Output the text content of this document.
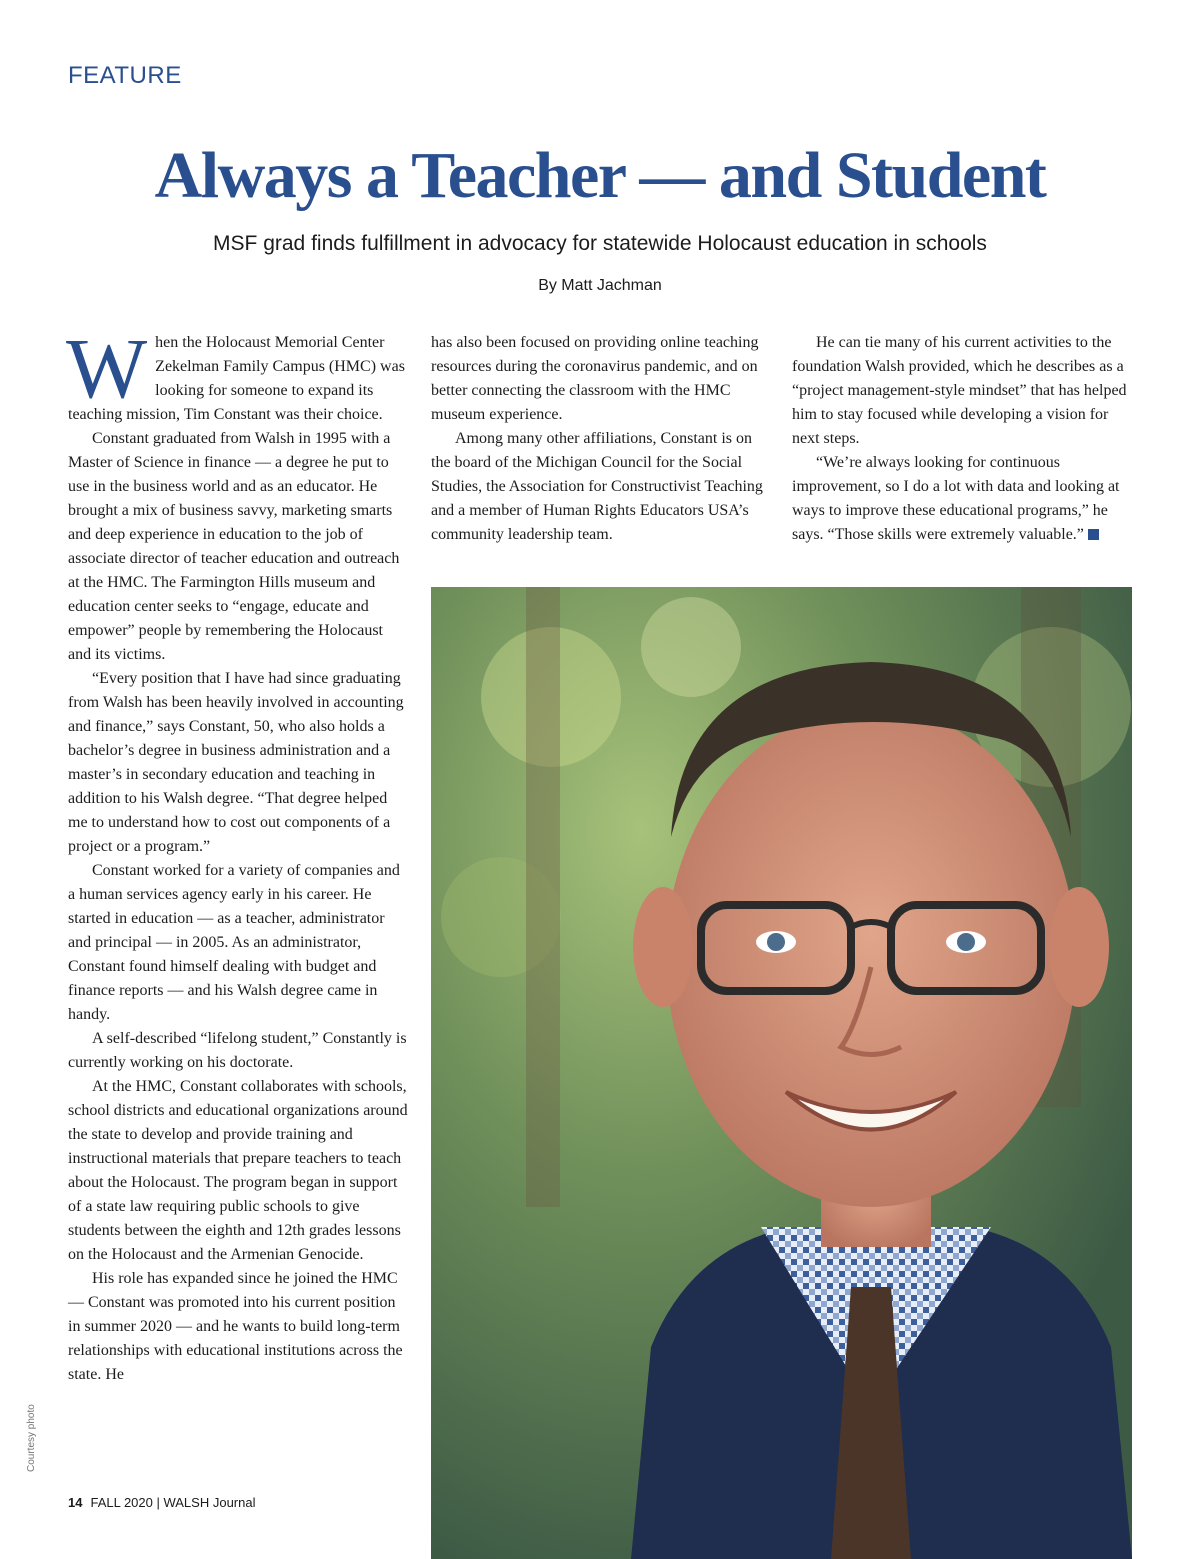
FEATURE
Always a Teacher — and Student
MSF grad finds fulfillment in advocacy for statewide Holocaust education in schools
By Matt Jachman

When the Holocaust Memorial Center Zekelman Family Campus (HMC) was looking for someone to expand its teaching mission, Tim Constant was their choice.

Constant graduated from Walsh in 1995 with a Master of Science in finance — a degree he put to use in the business world and as an educator. He brought a mix of business savvy, marketing smarts and deep experience in education to the job of associate director of teacher education and outreach at the HMC. The Farmington Hills museum and education center seeks to “engage, educate and empower” people by remembering the Holocaust and its victims.

“Every position that I have had since graduating from Walsh has been heavily involved in accounting and finance,” says Constant, 50, who also holds a bachelor’s degree in business administration and a master’s in secondary education and teaching in addition to his Walsh degree. “That degree helped me to understand how to cost out components of a project or a program.”

Constant worked for a variety of companies and a human services agency early in his career. He started in education — as a teacher, administrator and principal — in 2005. As an administrator, Constant found himself dealing with budget and finance reports — and his Walsh degree came in handy.

A self-described “lifelong student,” Constantly is currently working on his doctorate.

At the HMC, Constant collaborates with schools, school districts and educational organizations around the state to develop and provide training and instructional materials that prepare teachers to teach about the Holocaust. The program began in support of a state law requiring public schools to give students between the eighth and 12th grades lessons on the Holocaust and the Armenian Genocide.

His role has expanded since he joined the HMC — Constant was promoted into his current position in summer 2020 — and he wants to build long-term relationships with educational institutions across the state. He

has also been focused on providing online teaching resources during the coronavirus pandemic, and on better connecting the classroom with the HMC museum experience.

Among many other affiliations, Constant is on the board of the Michigan Council for the Social Studies, the Association for Constructivist Teaching and a member of Human Rights Educators USA’s community leadership team.

He can tie many of his current activities to the foundation Walsh provided, which he describes as a “project management-style mindset” that has helped him to stay focused while developing a vision for next steps.

“We’re always looking for continuous improvement, so I do a lot with data and looking at ways to improve these educational programs,” he says. “Those skills were extremely valuable.”

Courtesy photo
14 FALL 2020 | WALSH Journal
